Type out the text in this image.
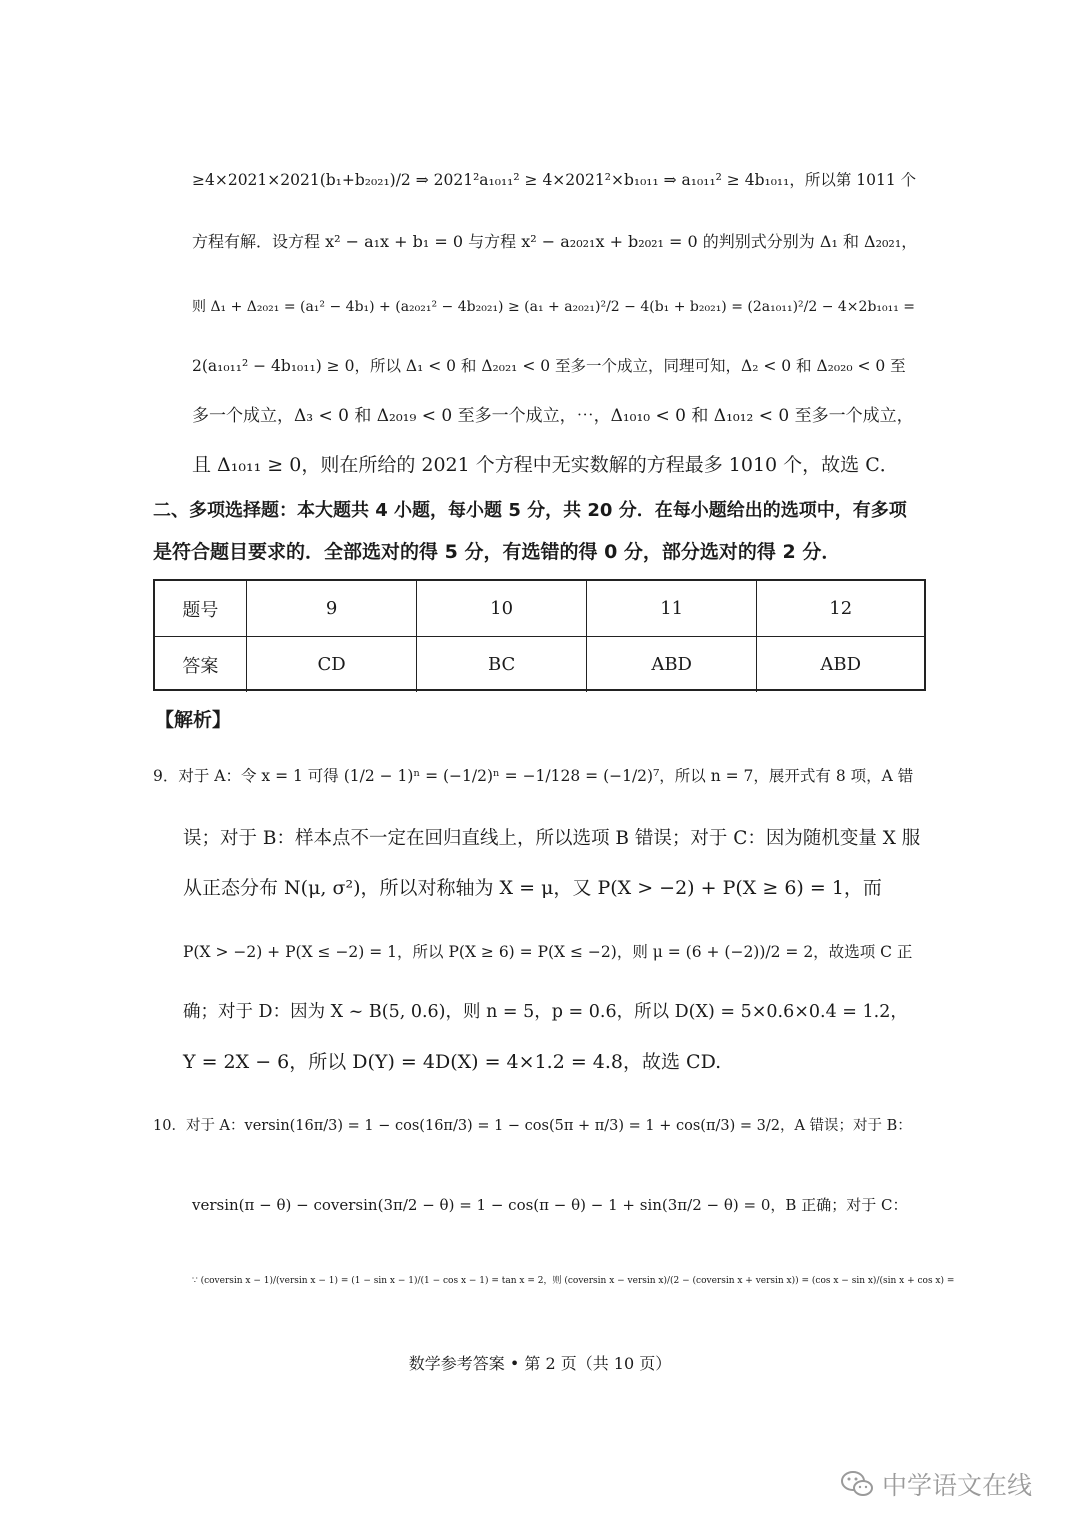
≥4×2021×2021(b₁+b₂₀₂₁)/2 ⇒ 2021²a₁₀₁₁² ≥ 4×2021²×b₁₀₁₁ ⇒ a₁₀₁₁² ≥ 4b₁₀₁₁，所以第 1011 个
方程有解．设方程 x² − a₁x + b₁ = 0 与方程 x² − a₂₀₂₁x + b₂₀₂₁ = 0 的判别式分别为 Δ₁ 和 Δ₂₀₂₁，
则 Δ₁ + Δ₂₀₂₁ = (a₁² − 4b₁) + (a₂₀₂₁² − 4b₂₀₂₁) ≥ (a₁ + a₂₀₂₁)²/2 − 4(b₁ + b₂₀₂₁) = (2a₁₀₁₁)²/2 − 4×2b₁₀₁₁ =
2(a₁₀₁₁² − 4b₁₀₁₁) ≥ 0，所以 Δ₁ < 0 和 Δ₂₀₂₁ < 0 至多一个成立，同理可知，Δ₂ < 0 和 Δ₂₀₂₀ < 0 至
多一个成立，Δ₃ < 0 和 Δ₂₀₁₉ < 0 至多一个成立，⋯，Δ₁₀₁₀ < 0 和 Δ₁₀₁₂ < 0 至多一个成立，
且 Δ₁₀₁₁ ≥ 0，则在所给的 2021 个方程中无实数解的方程最多 1010 个，故选 C．
二、多项选择题：本大题共 4 小题，每小题 5 分，共 20 分．在每小题给出的选项中，有多项
是符合题目要求的．全部选对的得 5 分，有选错的得 0 分，部分选对的得 2 分．
题号	9	10	11	12
答案	CD	BC	ABD	ABD
【解析】
9．对于 A：令 x = 1 可得 (1/2 − 1)ⁿ = (−1/2)ⁿ = −1/128 = (−1/2)⁷，所以 n = 7，展开式有 8 项，A 错
误；对于 B：样本点不一定在回归直线上，所以选项 B 错误；对于 C：因为随机变量 X 服
从正态分布 N(μ, σ²)，所以对称轴为 X = μ，又 P(X > −2) + P(X ≥ 6) = 1，而
P(X > −2) + P(X ≤ −2) = 1，所以 P(X ≥ 6) = P(X ≤ −2)，则 μ = (6 + (−2))/2 = 2，故选项 C 正
确；对于 D：因为 X ~ B(5, 0.6)，则 n = 5，p = 0.6，所以 D(X) = 5×0.6×0.4 = 1.2，
Y = 2X − 6，所以 D(Y) = 4D(X) = 4×1.2 = 4.8，故选 CD.
10．对于 A：versin(16π/3) = 1 − cos(16π/3) = 1 − cos(5π + π/3) = 1 + cos(π/3) = 3/2，A 错误；对于 B：
versin(π − θ) − coversin(3π/2 − θ) = 1 − cos(π − θ) − 1 + sin(3π/2 − θ) = 0，B 正确；对于 C：
∵ (coversin x − 1)/(versin x − 1) = (1 − sin x − 1)/(1 − cos x − 1) = tan x = 2，则 (coversin x − versin x)/(2 − (coversin x + versin x)) = (cos x − sin x)/(sin x + cos x) =
数学参考答案 • 第 2 页（共 10 页）
中学语文在线
